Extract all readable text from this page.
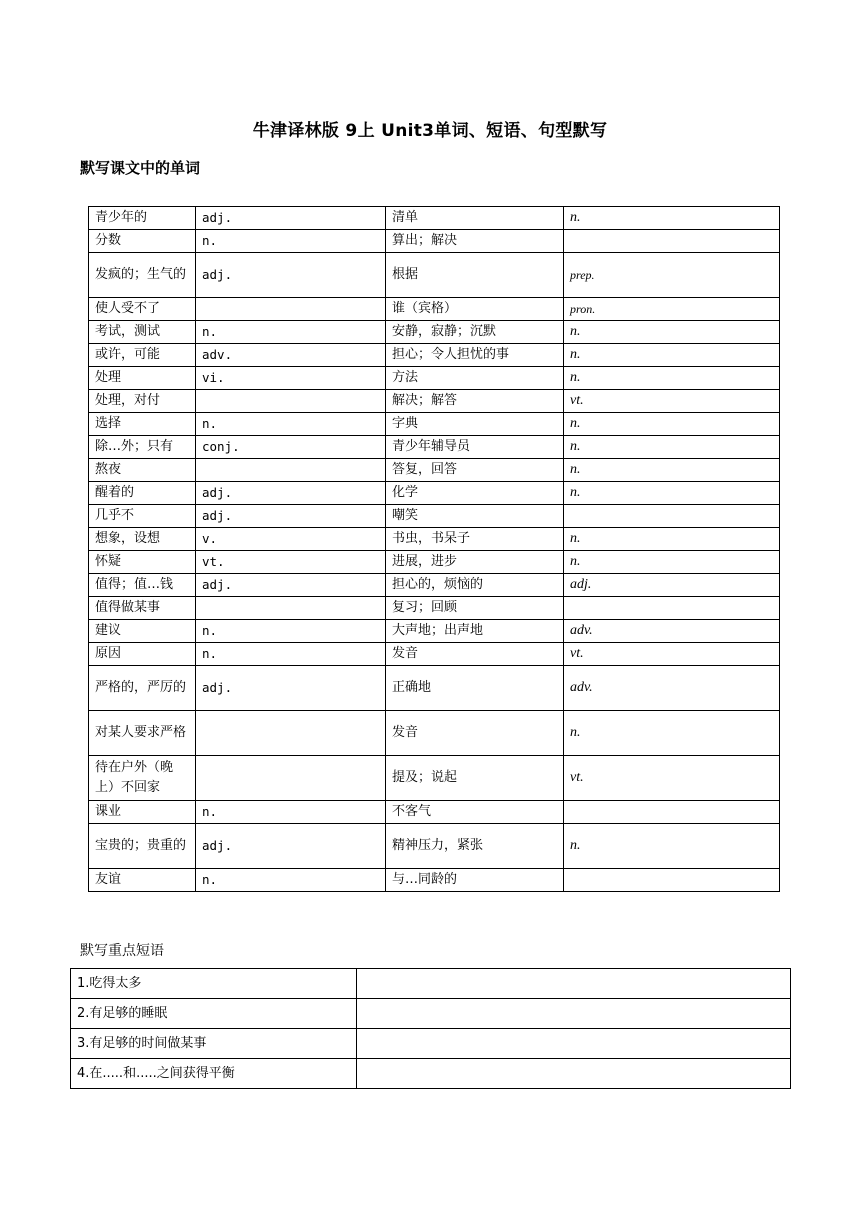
牛津译林版 9上 Unit3单词、短语、句型默写
默写课文中的单词
青少年的	adj.	清单	n.
分数	n.	算出；解决	
发疯的；生气的	adj.	根据	prep.
使人受不了		谁（宾格）	pron.
考试，测试	n.	安静，寂静；沉默	n.
或许，可能	adv.	担心；令人担忧的事	n.
处理	vi.	方法	n.
处理，对付		解决；解答	vt.
选择	n.	字典	n.
除…外；只有	conj.	青少年辅导员	n.
熬夜		答复，回答	n.
醒着的	adj.	化学	n.
几乎不	adj.	嘲笑	
想象，设想	v.	书虫，书呆子	n.
怀疑	vt.	进展，进步	n.
值得；值…钱	adj.	担心的，烦恼的	adj.
值得做某事		复习；回顾	
建议	n.	大声地；出声地	adv.
原因	n.	发音	vt.
严格的，严厉的	adj.	正确地	adv.
对某人要求严格		发音	n.
待在户外（晚上）不回家		提及；说起	vt.
课业	n.	不客气	
宝贵的；贵重的	adj.	精神压力，紧张	n.
友谊	n.	与…同龄的	
默写重点短语
1.吃得太多	
2.有足够的睡眠	
3.有足够的时间做某事	
4.在.....和.....之间获得平衡	
